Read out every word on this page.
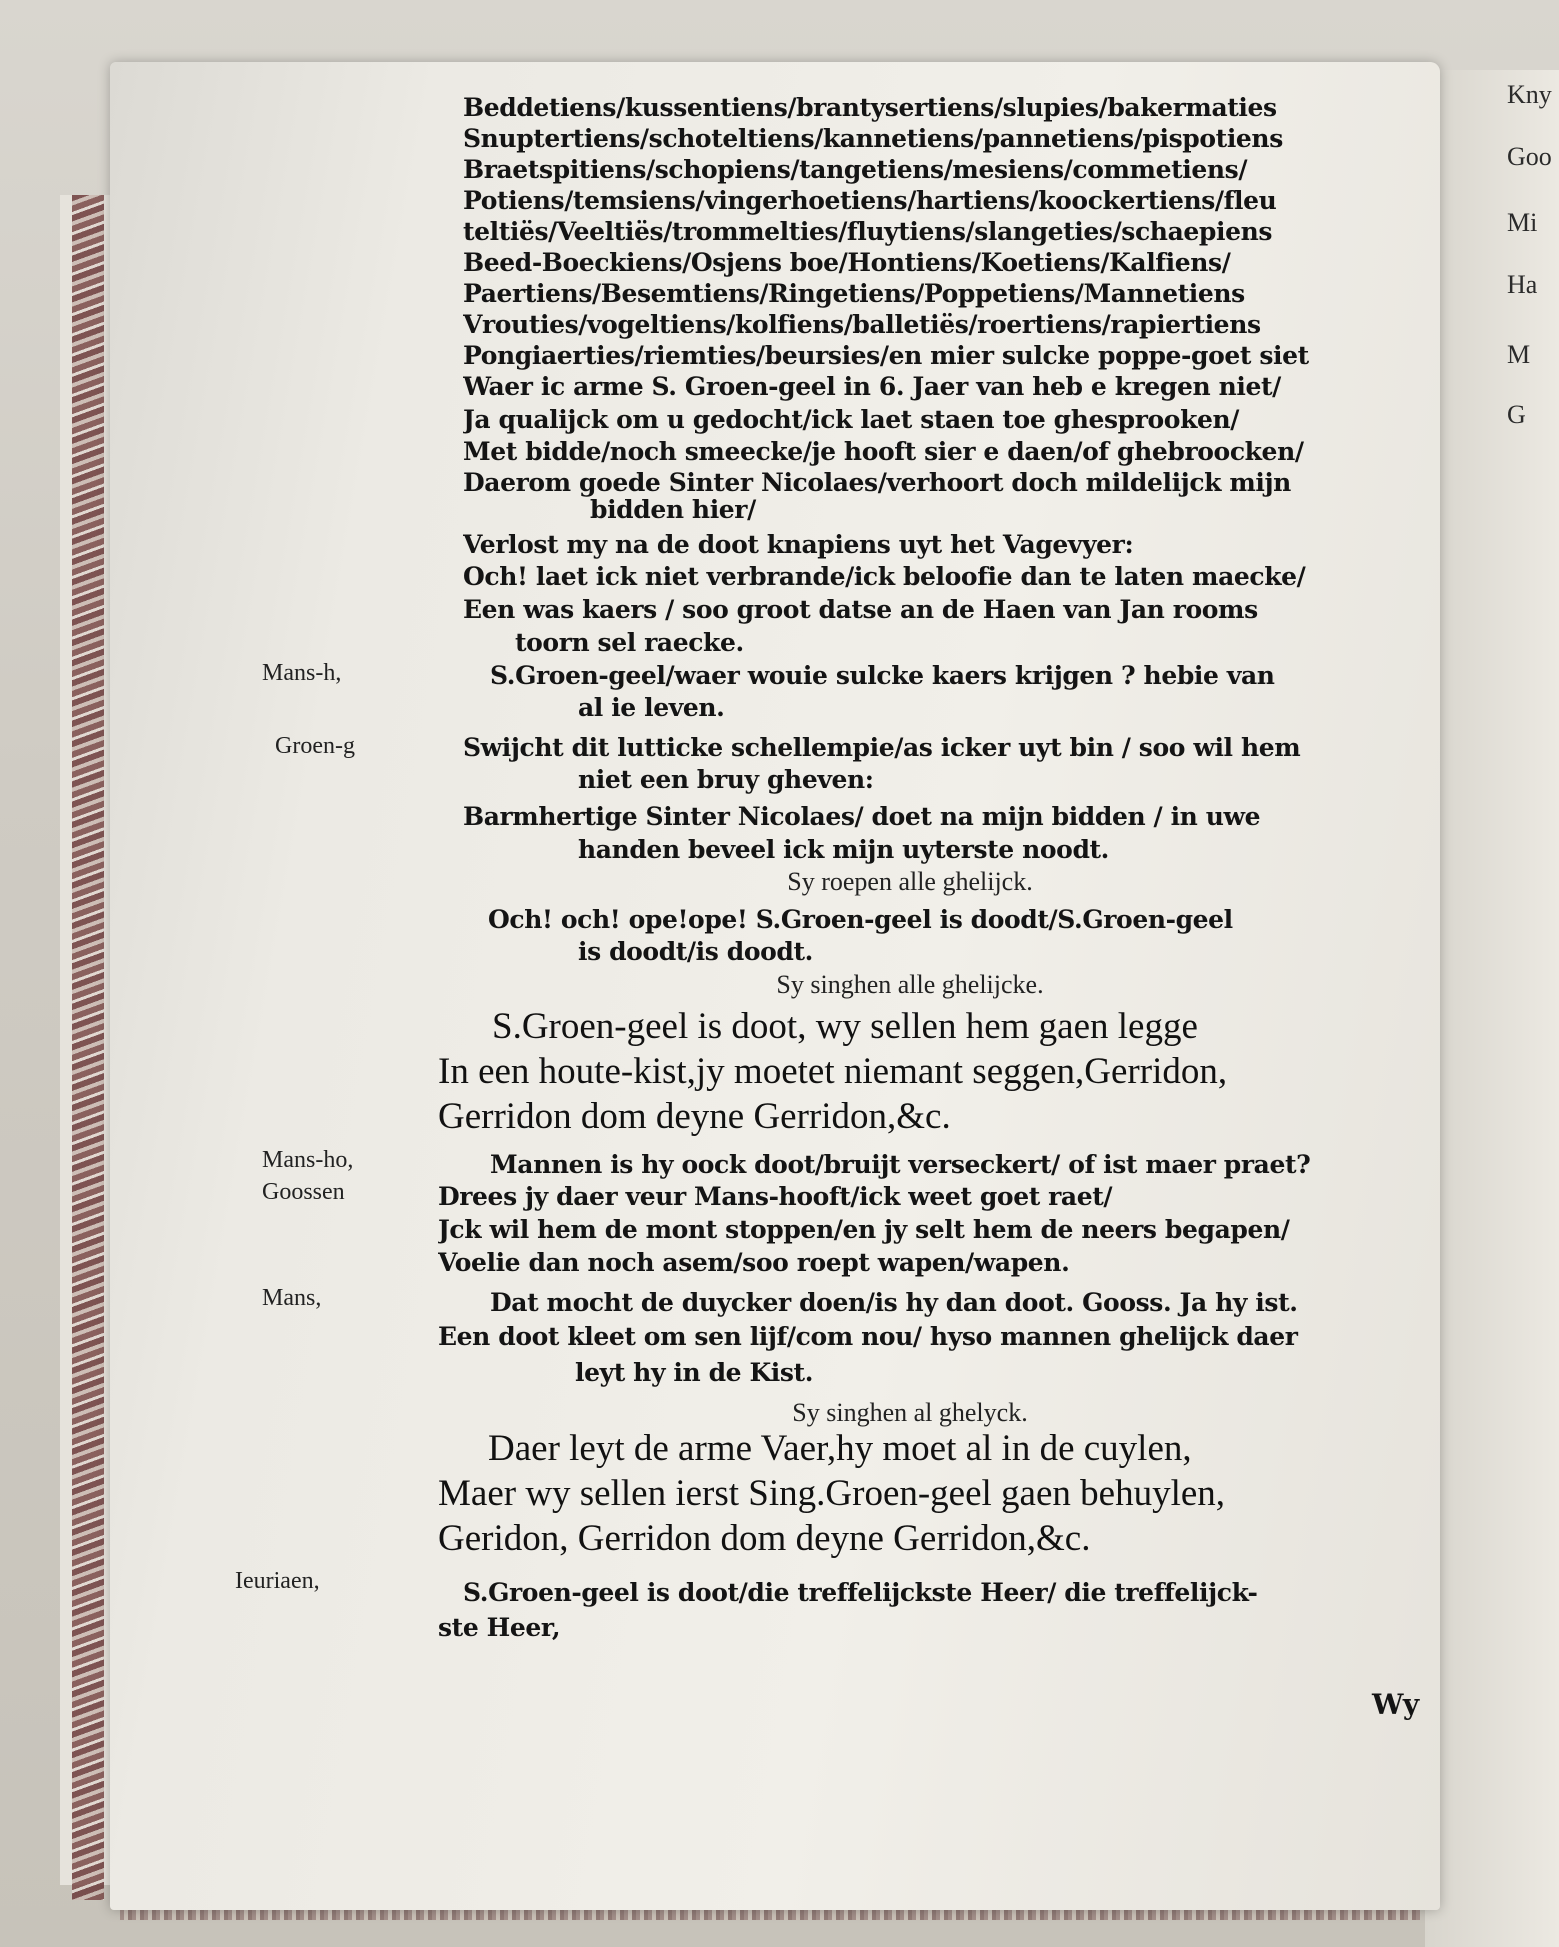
Kny
Goo
Mi
Ha
M
G
Beddetiens/kussentiens/brantysertiens/slupies/bakermaties
Snuptertiens/schoteltiens/kannetiens/pannetiens/pispotiens
Braetspitiens/schopiens/tangetiens/mesiens/commetiens/
Potiens/temsiens/vingerhoetiens/hartiens/koockertiens/fleu
teltiës/Veeltiës/trommelties/fluytiens/slangeties/schaepiens
Beed-Boeckiens/Osjens boe/Hontiens/Koetiens/Kalfiens/
Paertiens/Besemtiens/Ringetiens/Poppetiens/Mannetiens
Vrouties/vogeltiens/kolfiens/balletiës/roertiens/rapiertiens
Pongiaerties/riemties/beursies/en mier sulcke poppe-goet siet
Waer ic arme S. Groen-geel in 6. Jaer van heb e kregen niet/
Ja qualijck om u gedocht/ick laet staen toe ghesprooken/
Met bidde/noch smeecke/je hooft sier e daen/of ghebroocken/
Daerom goede Sinter Nicolaes/verhoort doch mildelijck mijn
bidden hier/
Verlost my na de doot knapiens uyt het Vagevyer:
Och! laet ick niet verbrande/ick beloofie dan te laten maecke/
Een was kaers / soo groot datse an de Haen van Jan rooms
toorn sel raecke.
Mans-h,	S.Groen-geel/waer wouie sulcke kaers krijgen ? hebie van
al ie leven.
Groen-g	Swijcht dit lutticke schellempie/as icker uyt bin / soo wil hem
niet een bruy gheven:
Barmhertige Sinter Nicolaes/ doet na mijn bidden / in uwe
handen beveel ick mijn uyterste noodt.
Sy roepen alle ghelijck.
Och! och! ope!ope! S.Groen-geel is doodt/S.Groen-geel
is doodt/is doodt.
Sy singhen alle ghelijcke.
S.Groen-geel is doot, wy sellen hem gaen legge
In een houte-kist,jy moetet niemant seggen,Gerridon,
Gerridon dom deyne Gerridon,&c.
Mans-ho,	Mannen is hy oock doot/bruijt verseckert/ of ist maer praet?
Goossen	Drees jy daer veur Mans-hooft/ick weet goet raet/
Jck wil hem de mont stoppen/en jy selt hem de neers begapen/
Voelie dan noch asem/soo roept wapen/wapen.
Mans,	Dat mocht de duycker doen/is hy dan doot. Gooss. Ja hy ist.
Een doot kleet om sen lijf/com nou/ hyso mannen ghelijck daer
leyt hy in de Kist.
Sy singhen al ghelyck.
Daer leyt de arme Vaer,hy moet al in de cuylen,
Maer wy sellen ierst Sing.Groen-geel gaen behuylen,
Geridon, Gerridon dom deyne Gerridon,&c.
Ieuriaen,	S.Groen-geel is doot/die treffelijckste Heer/ die treffelijck-
ste Heer,
Wy
